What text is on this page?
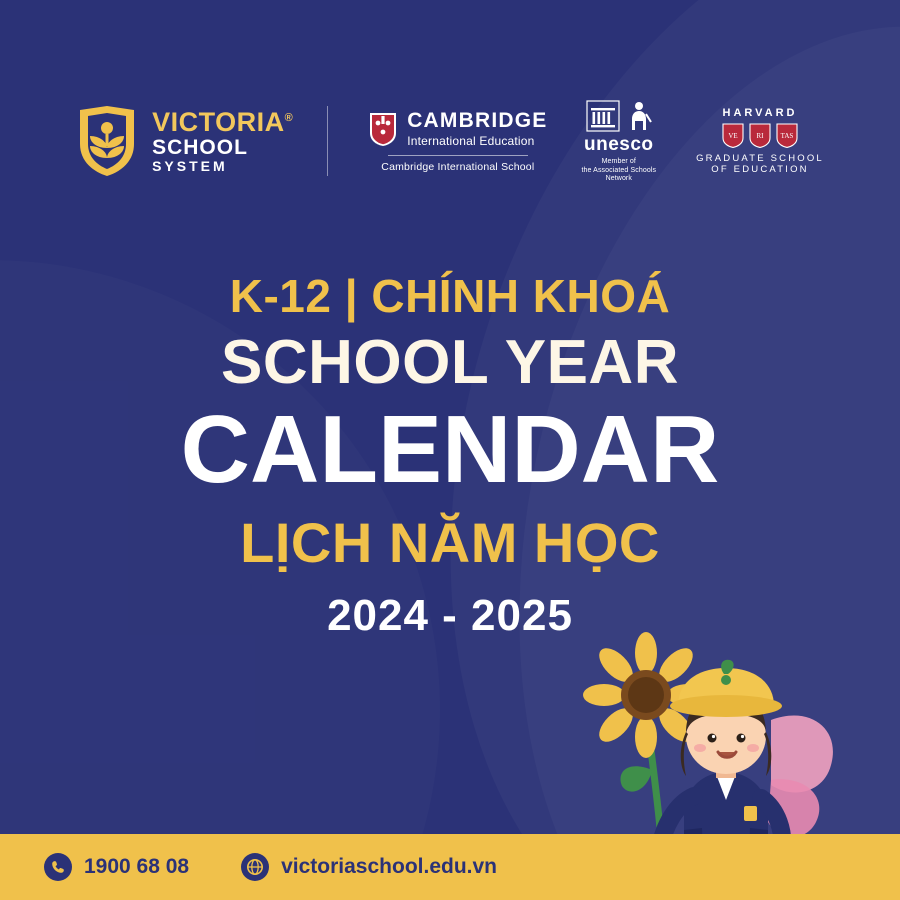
VICTORIA®
SCHOOL
SYSTEM
CAMBRIDGE
International Education
Cambridge International School
unesco
Member of
the Associated Schools
Network
HARVARD
VE	RI TAS
GRADUATE SCHOOL
OF EDUCATION
K-12 | CHÍNH KHOÁ
SCHOOL YEAR
CALENDAR
LỊCH NĂM HỌC
2024 - 2025
1900 68 08	victoriaschool.edu.vn
